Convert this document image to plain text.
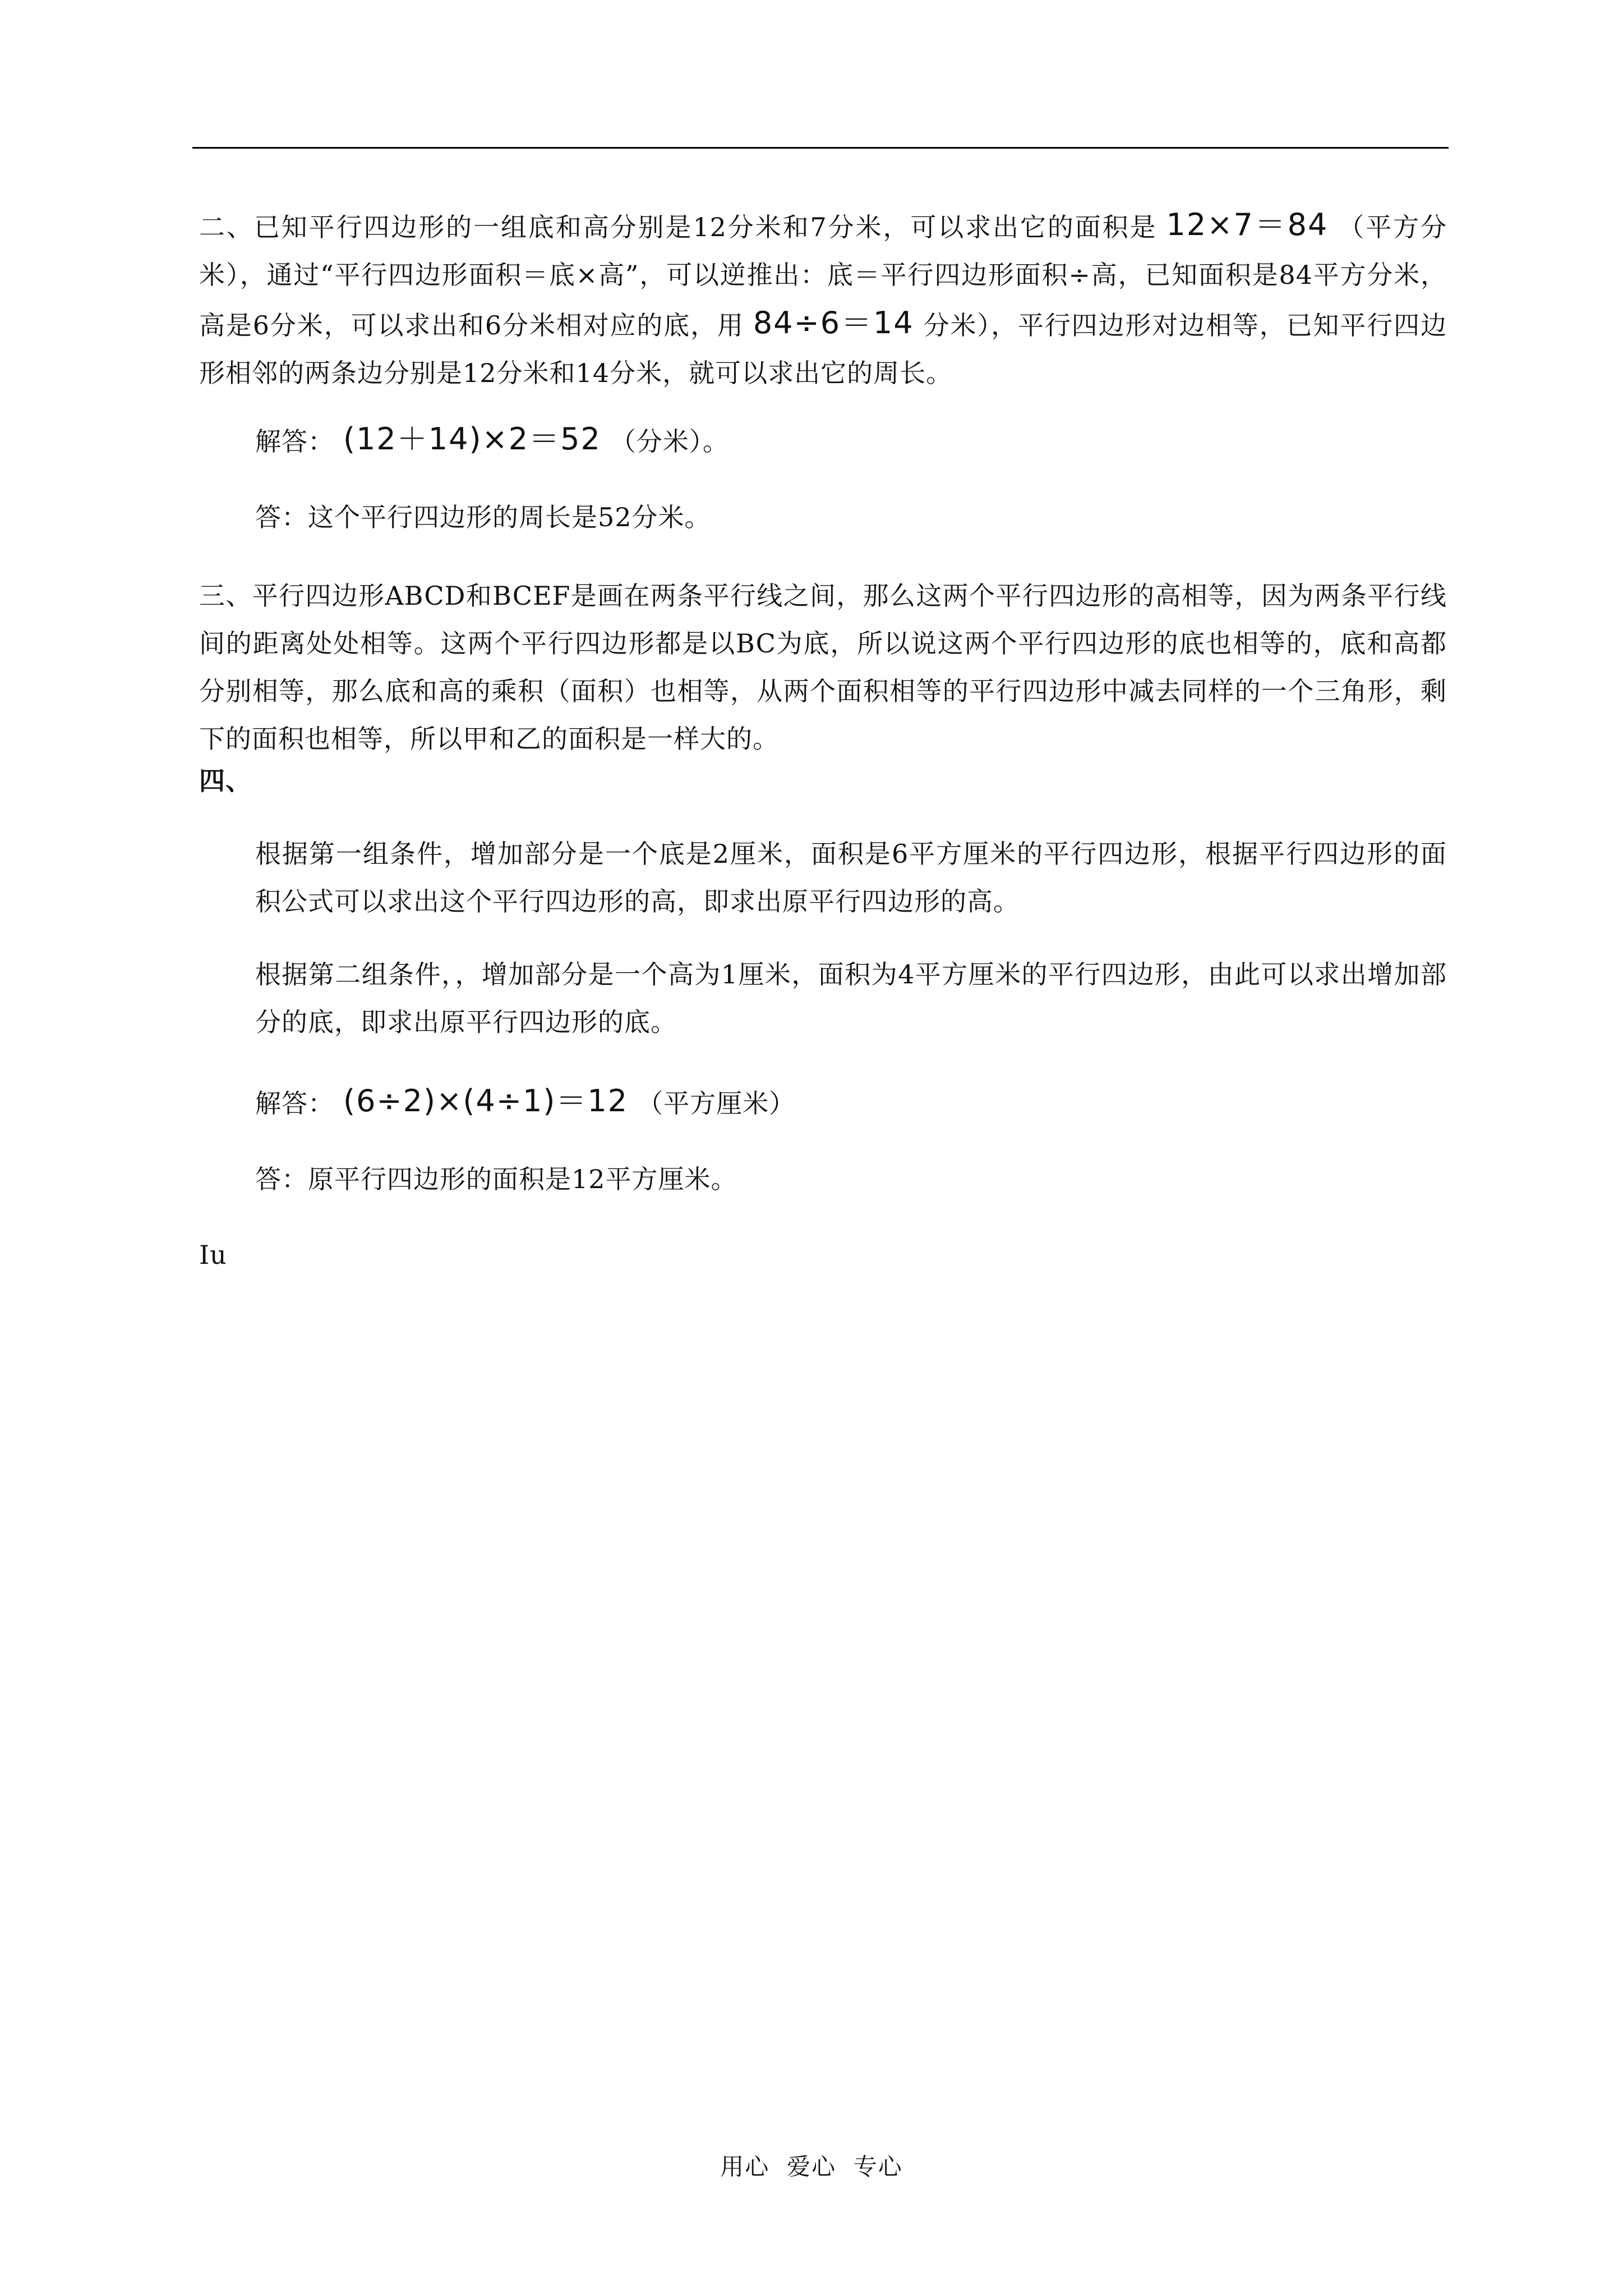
二、已知平行四边形的一组底和高分别是12分米和7分米，可以求出它的面积是 12×7＝84 （平方分米），通过“平行四边形面积＝底×高”，可以逆推出：底＝平行四边形面积÷高，已知面积是84平方分米，高是6分米，可以求出和6分米相对应的底，用 84÷6＝14 分米），平行四边形对边相等，已知平行四边形相邻的两条边分别是12分米和14分米，就可以求出它的周长。
解答： (12＋14)×2＝52 （分米）。
答：这个平行四边形的周长是52分米。
三、平行四边形ABCD和BCEF是画在两条平行线之间，那么这两个平行四边形的高相等，因为两条平行线间的距离处处相等。这两个平行四边形都是以BC为底，所以说这两个平行四边形的底也相等的，底和高都分别相等，那么底和高的乘积（面积）也相等，从两个面积相等的平行四边形中减去同样的一个三角形，剩下的面积也相等，所以甲和乙的面积是一样大的。
四、
根据第一组条件，增加部分是一个底是2厘米，面积是6平方厘米的平行四边形，根据平行四边形的面积公式可以求出这个平行四边形的高，即求出原平行四边形的高。
根据第二组条件，，增加部分是一个高为1厘米，面积为4平方厘米的平行四边形，由此可以求出增加部分的底，即求出原平行四边形的底。
解答： (6÷2)×(4÷1)＝12 （平方厘米）
答：原平行四边形的面积是12平方厘米。
Iu
用心  爱心  专心
